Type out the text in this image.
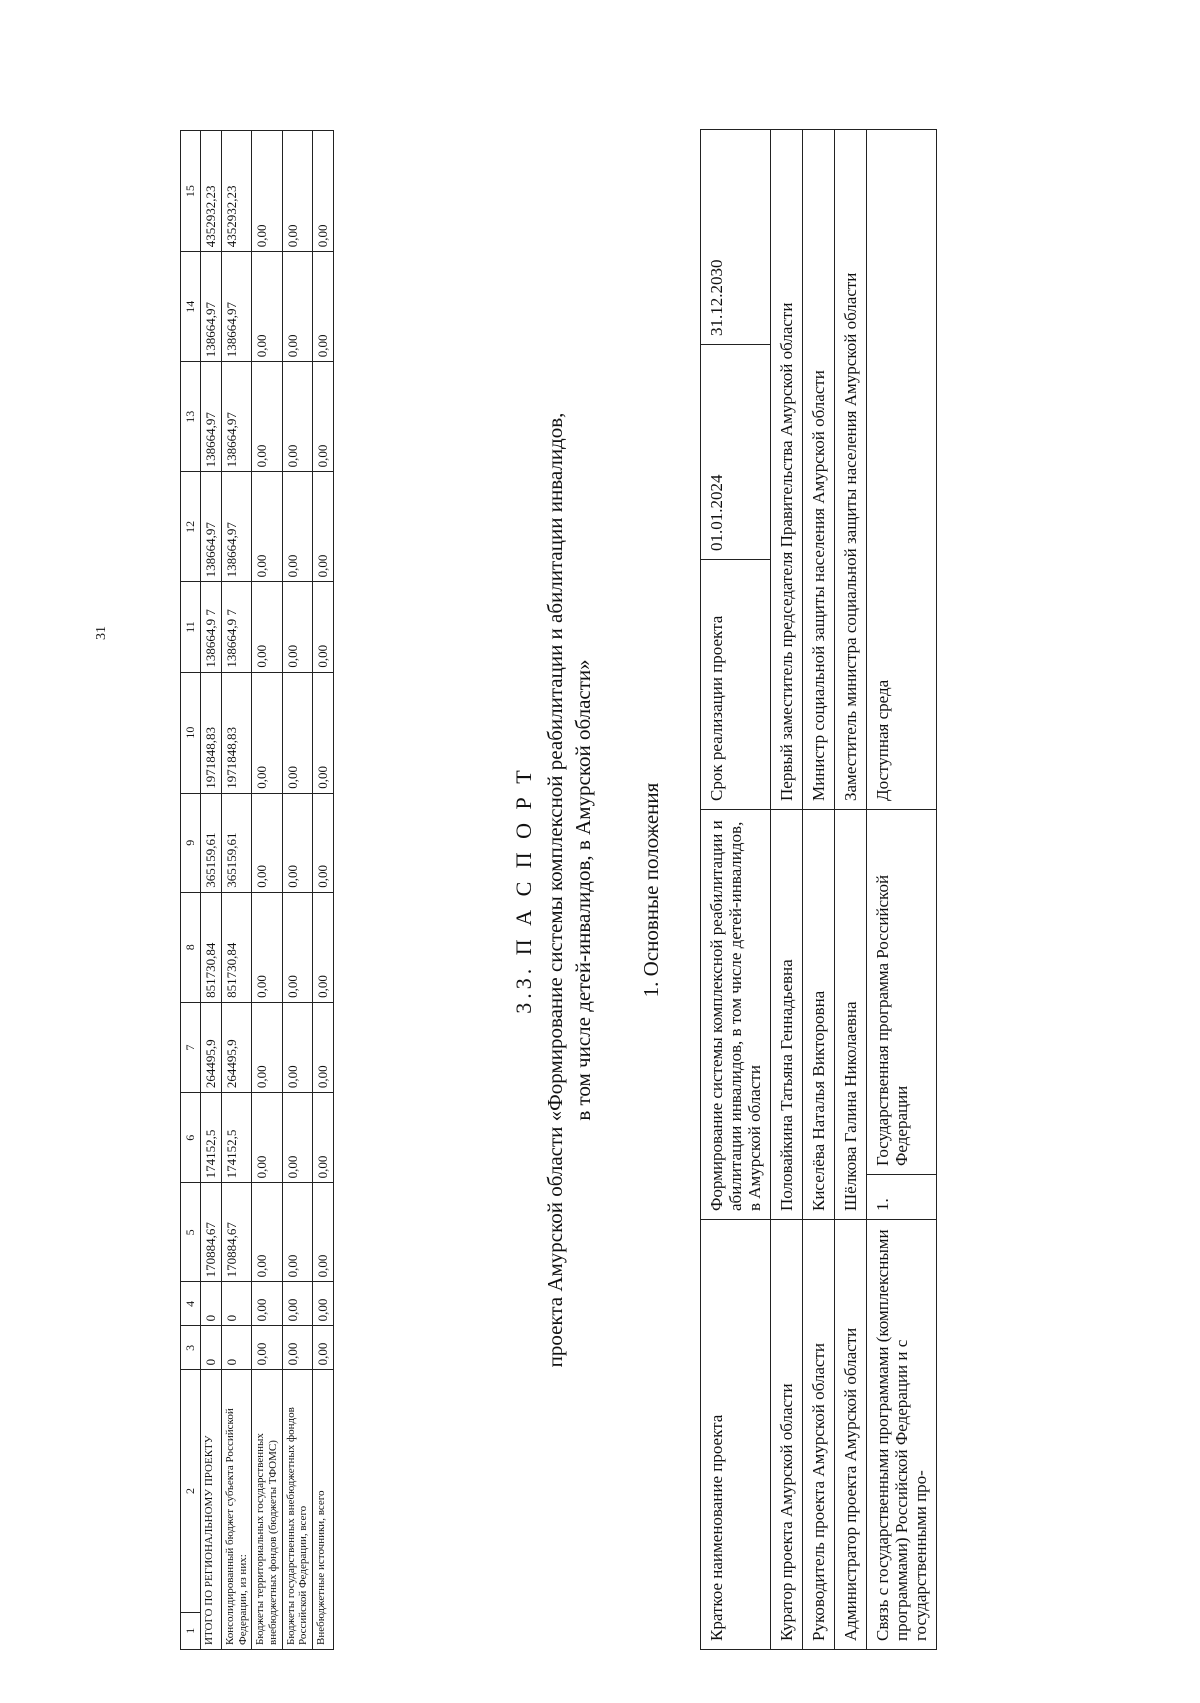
31
1	2	3	4	5	6	7	8	9	10	11	12	13	14	15
ИТОГО ПО РЕГИОНАЛЬНОМУ ПРОЕКТУ		0	0	170884,67	174152,5	264495,9	851730,84	365159,61	1971848,83	138664,9 7	138664,97	138664,97	138664,97	4352932,23
Консолидированный бюджет субъекта Российской Федерации, из них:		0	0	170884,67	174152,5	264495,9	851730,84	365159,61	1971848,83	138664,9 7	138664,97	138664,97	138664,97	4352932,23
Бюджеты территориальных государственных внебюджетных фондов (бюджеты ТФОМС)		0,00	0,00	0,00	0,00	0,00	0,00	0,00	0,00	0,00	0,00	0,00	0,00	0,00
Бюджеты государственных внебюджетных фондов Российской Федерации, всего		0,00	0,00	0,00	0,00	0,00	0,00	0,00	0,00	0,00	0,00	0,00	0,00	0,00
Внебюджетные источники, всего		0,00	0,00	0,00	0,00	0,00	0,00	0,00	0,00	0,00	0,00	0,00	0,00	0,00
3.3. П А С П О Р Т проекта Амурской области «Формирование системы комплексной реабилитации и абилитации инвалидов, в том числе детей-инвалидов, в Амурской области» 1. Основные положения
Краткое наименование проекта	Формирование системы комплексной реабилитации и абилитации инвалидов, в том числе детей-инвалидов, в Амурской области		Срок реализации проекта	01.01.2024	31.12.2030
Куратор проекта Амурской области	Половайкина Татьяна Геннадьевна		Первый заместитель председателя Правительства Амурской области		
Руководитель проекта Амурской области	Киселёва Наталья Викторовна		Министр социальной защиты населения Амурской области		
Администратор проекта Амурской области	Шёлкова Галина Николаевна		Заместитель министра социальной защиты населения Амурской области		
Связь с государственными программами (комплексными программами) Российской Федерации и с государственными про-	1.	Государственная программа Российской Федерации	Доступная среда		
